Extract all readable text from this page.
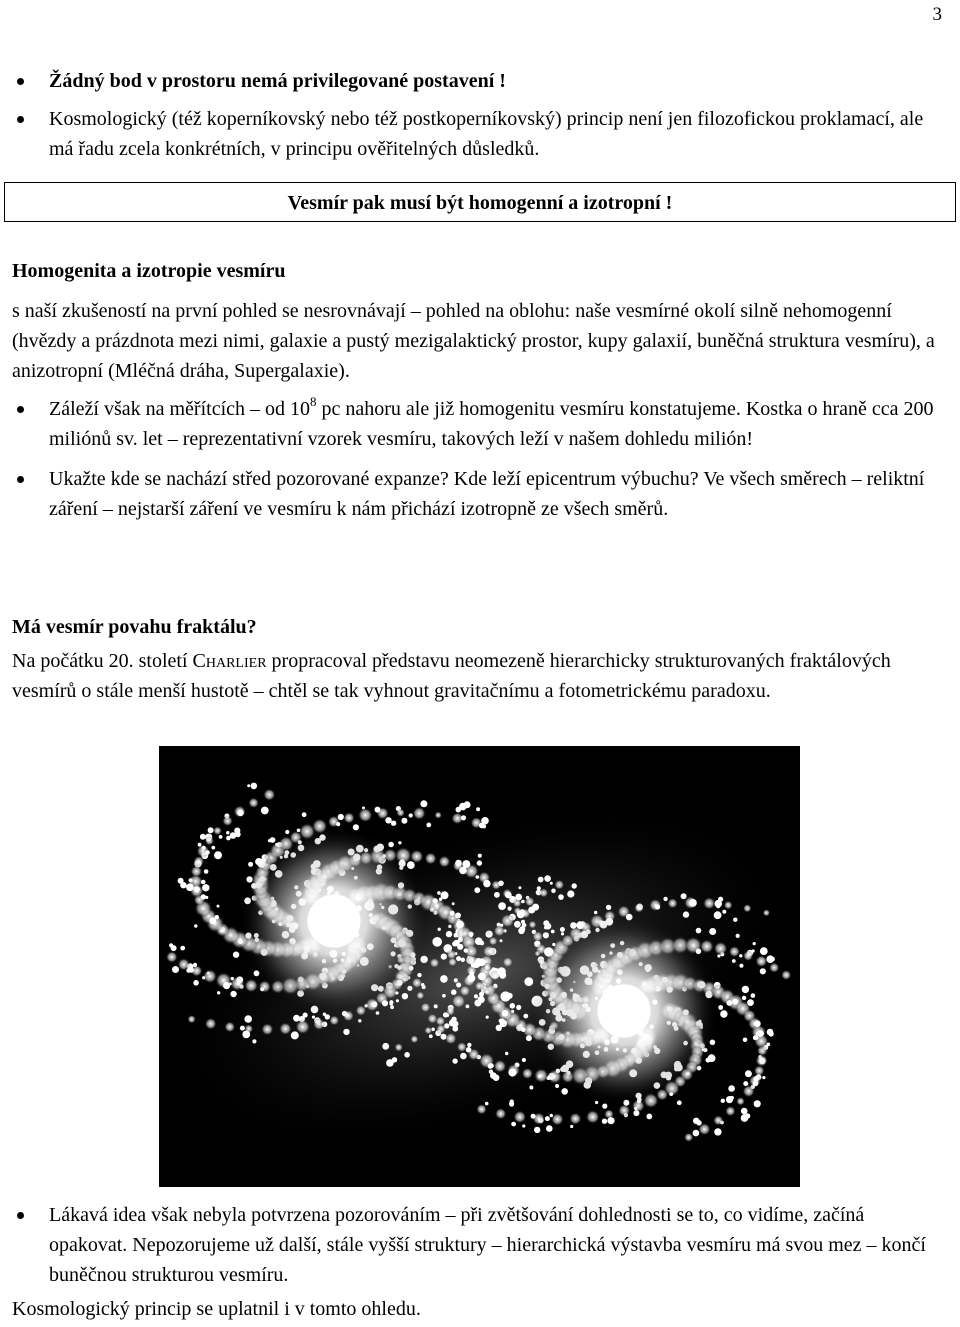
3
Žádný bod v prostoru nemá privilegované postavení !
Kosmologický (též koperníkovský nebo též postkoperníkovský) princip není jen filozofickou proklamací, ale má řadu zcela konkrétních, v principu ověřitelných důsledků.
Vesmír pak musí být homogenní a izotropní !

Homogenita a izotropie vesmíru

s naší zkušeností na první pohled se nesrovnávají – pohled na oblohu: naše vesmírné okolí silně nehomogenní (hvězdy a prázdnota mezi nimi, galaxie a pustý mezigalaktický prostor, kupy galaxií, buněčná struktura vesmíru), a anizotropní (Mléčná dráha, Supergalaxie).

Záleží však na měřítcích – od $10^8$ pc nahoru ale již homogenitu vesmíru konstatujeme. Kostka o hraně cca 200 miliónů sv. let – reprezentativní vzorek vesmíru, takových leží v našem dohledu milión!
Ukažte kde se nachází střed pozorované expanze? Kde leží epicentrum výbuchu? Ve všech směrech – reliktní záření – nejstarší záření ve vesmíru k nám přichází izotropně ze všech směrů.

Má vesmír povahu fraktálu?

Na počátku 20. století Charlier propracoval představu neomezeně hierarchicky strukturovaných fraktálových vesmírů o stále menší hustotě – chtěl se tak vyhnout gravitačnímu a fotometrickému paradoxu.

Lákavá idea však nebyla potvrzena pozorováním – při zvětšování dohlednosti se to, co vidíme, začíná opakovat. Nepozorujeme už další, stále vyšší struktury – hierarchická výstavba vesmíru má svou mez – končí buněčnou strukturou vesmíru.

Kosmologický princip se uplatnil i v tomto ohledu.
